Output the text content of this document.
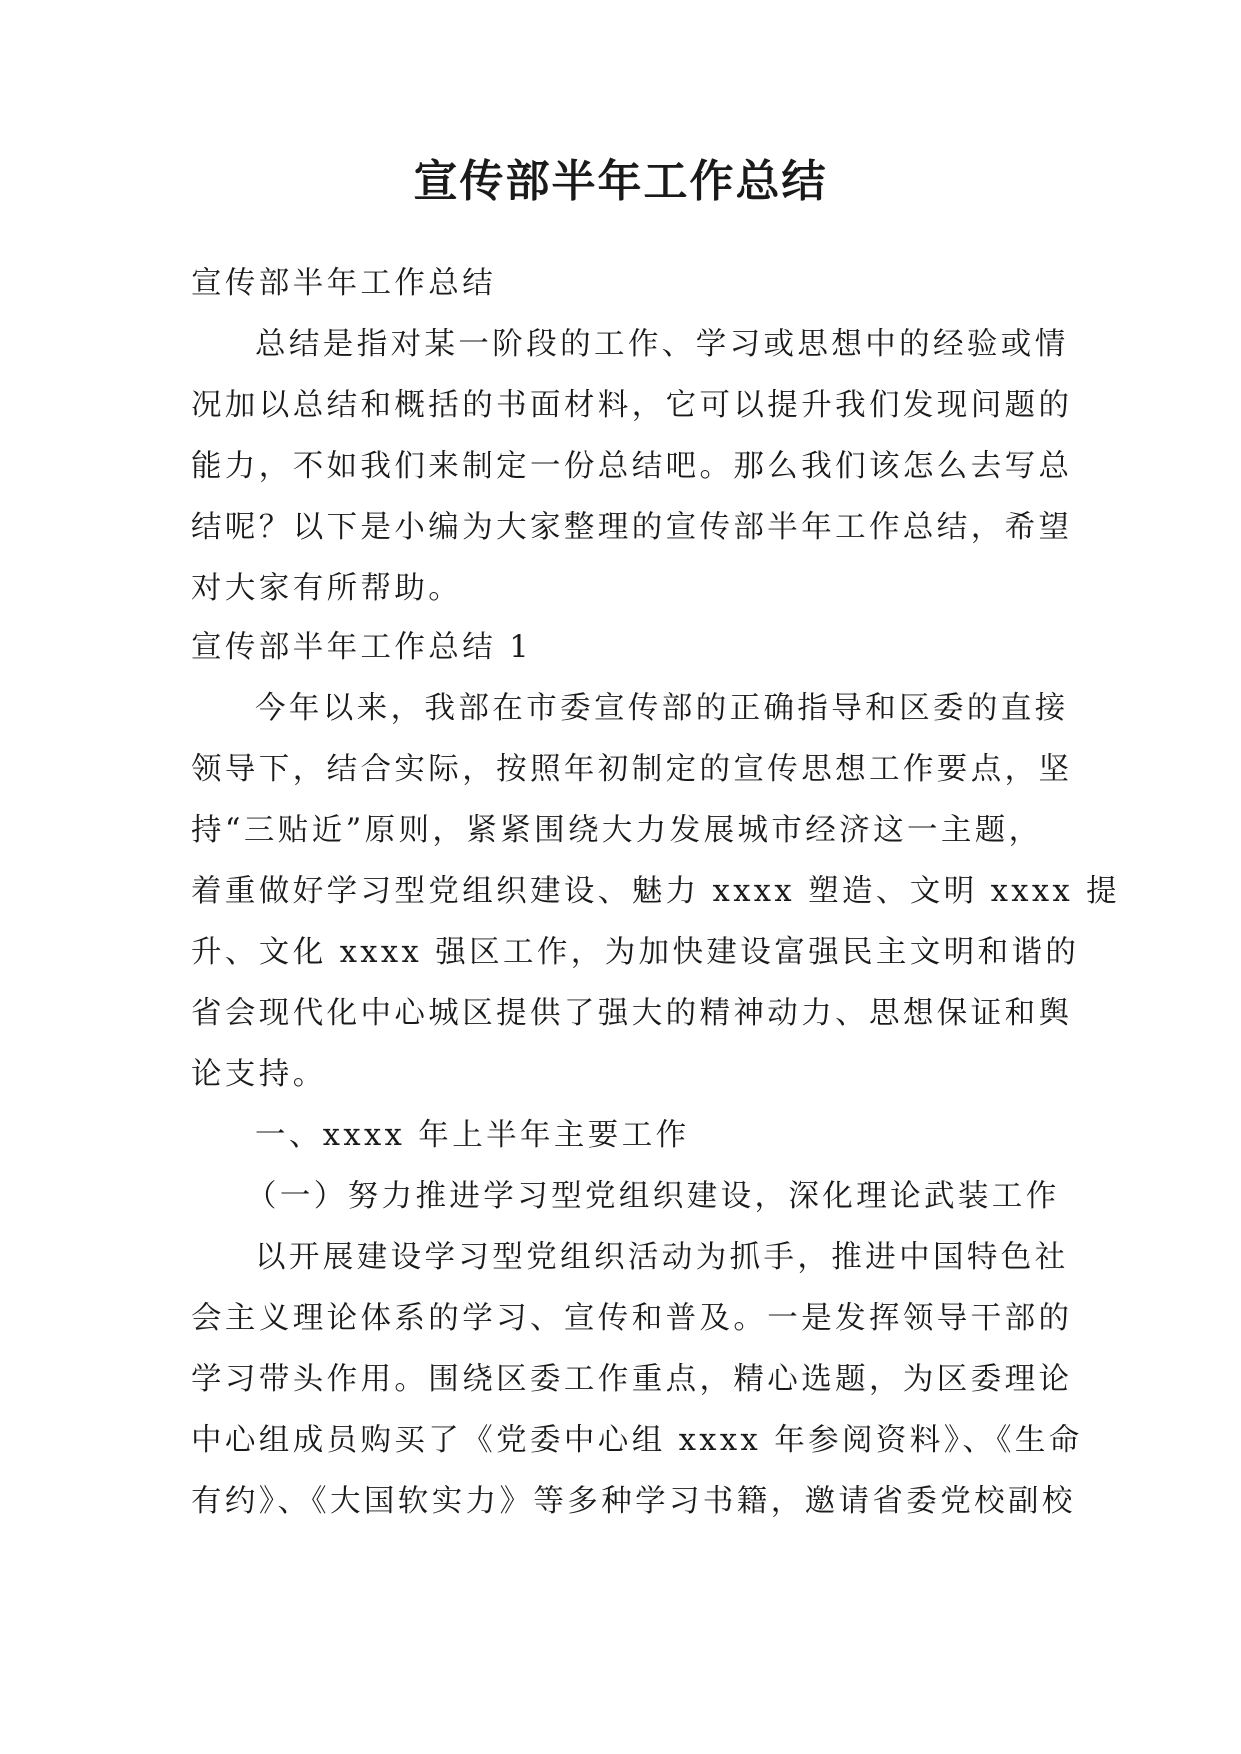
宣传部半年工作总结
宣传部半年工作总结
总结是指对某一阶段的工作、学习或思想中的经验或情
况加以总结和概括的书面材料，它可以提升我们发现问题的
能力，不如我们来制定一份总结吧。那么我们该怎么去写总
结呢？以下是小编为大家整理的宣传部半年工作总结，希望
对大家有所帮助。
宣传部半年工作总结 1
今年以来，我部在市委宣传部的正确指导和区委的直接
领导下，结合实际，按照年初制定的宣传思想工作要点，坚
持“三贴近”原则，紧紧围绕大力发展城市经济这一主题，
着重做好学习型党组织建设、魅力 xxxx 塑造、文明 xxxx 提
升、文化 xxxx 强区工作，为加快建设富强民主文明和谐的
省会现代化中心城区提供了强大的精神动力、思想保证和舆
论支持。
一、xxxx 年上半年主要工作
（一）努力推进学习型党组织建设，深化理论武装工作
以开展建设学习型党组织活动为抓手，推进中国特色社
会主义理论体系的学习、宣传和普及。一是发挥领导干部的
学习带头作用。围绕区委工作重点，精心选题，为区委理论
中心组成员购买了《党委中心组 xxxx 年参阅资料》、《生命
有约》、《大国软实力》等多种学习书籍，邀请省委党校副校
